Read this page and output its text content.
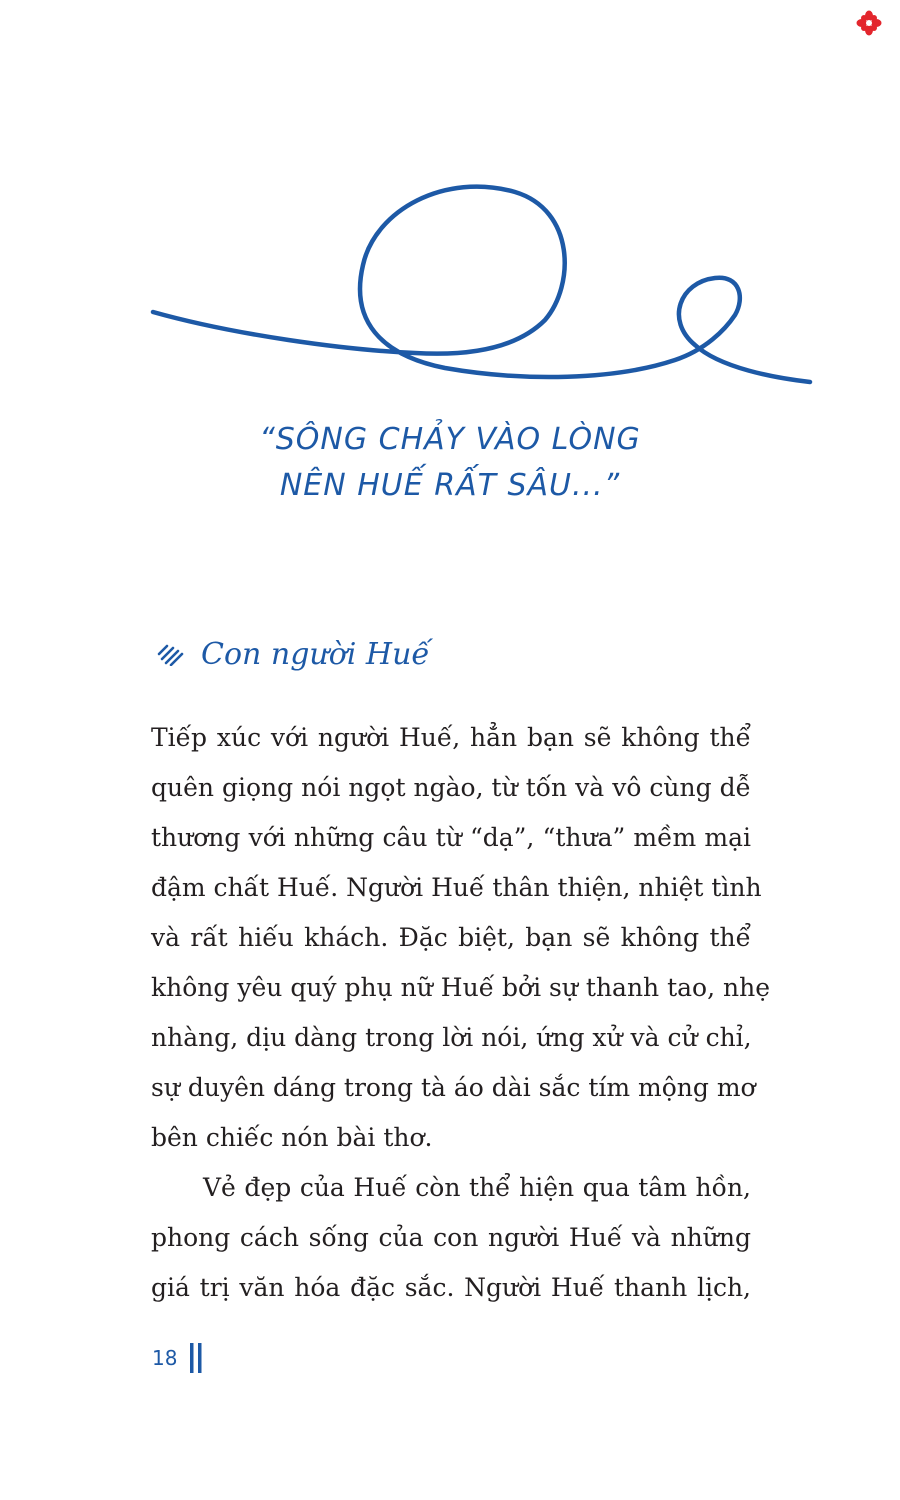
“SÔNG CHẢY VÀO LÒNG
NÊN HUẾ RẤT SÂU...”
Con người Huế
Tiếp xúc với người Huế, hẳn bạn sẽ không thể
quên giọng nói ngọt ngào, từ tốn và vô cùng dễ
thương với những câu từ “dạ”, “thưa” mềm mại
đậm chất Huế. Người Huế thân thiện, nhiệt tình
và rất hiếu khách. Đặc biệt, bạn sẽ không thể
không yêu quý phụ nữ Huế bởi sự thanh tao, nhẹ
nhàng, dịu dàng trong lời nói, ứng xử và cử chỉ,
sự duyên dáng trong tà áo dài sắc tím mộng mơ
bên chiếc nón bài thơ.
Vẻ đẹp của Huế còn thể hiện qua tâm hồn,
phong cách sống của con người Huế và những
giá trị văn hóa đặc sắc. Người Huế thanh lịch,
18
